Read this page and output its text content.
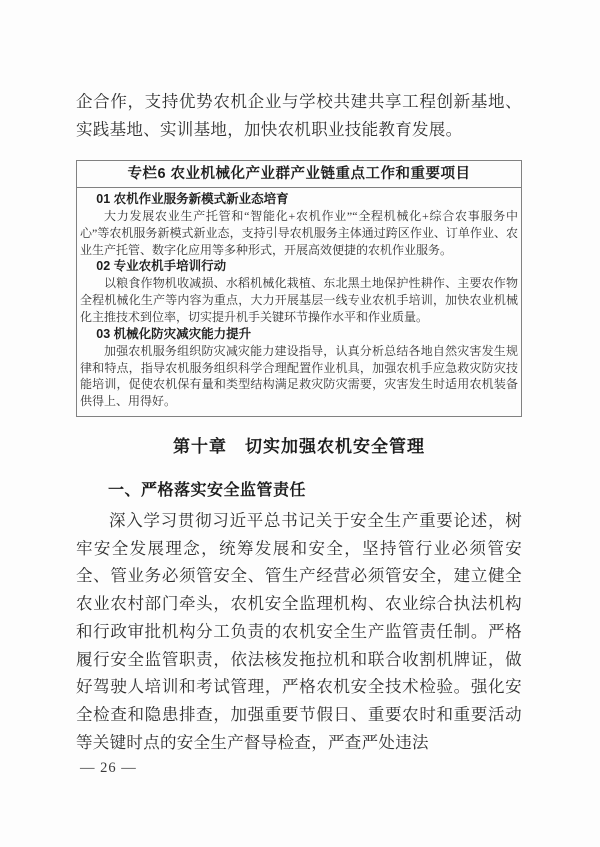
企合作，支持优势农机企业与学校共建共享工程创新基地、实践基地、实训基地，加快农机职业技能教育发展。

专栏6 农业机械化产业群产业链重点工作和重要项目
01 农机作业服务新模式新业态培育

大力发展农业生产托管和“智能化+农机作业”“全程机械化+综合农事服务中心”等农机服务新模式新业态，支持引导农机服务主体通过跨区作业、订单作业、农业生产托管、数字化应用等多种形式，开展高效便捷的农机作业服务。

02 专业农机手培训行动

以粮食作物机收减损、水稻机械化栽植、东北黑土地保护性耕作、主要农作物全程机械化生产等内容为重点，大力开展基层一线专业农机手培训，加快农业机械化主推技术到位率，切实提升机手关键环节操作水平和作业质量。

03 机械化防灾减灾能力提升

加强农机服务组织防灾减灾能力建设指导，认真分析总结各地自然灾害发生规律和特点，指导农机服务组织科学合理配置作业机具，加强农机手应急救灾防灾技能培训，促使农机保有量和类型结构满足救灾防灾需要，灾害发生时适用农机装备供得上、用得好。

第十章　切实加强农机安全管理
一、严格落实安全监管责任

深入学习贯彻习近平总书记关于安全生产重要论述，树牢安全发展理念，统筹发展和安全，坚持管行业必须管安全、管业务必须管安全、管生产经营必须管安全，建立健全农业农村部门牵头，农机安全监理机构、农业综合执法机构和行政审批机构分工负责的农机安全生产监管责任制。严格履行安全监管职责，依法核发拖拉机和联合收割机牌证，做好驾驶人培训和考试管理，严格农机安全技术检验。强化安全检查和隐患排查，加强重要节假日、重要农时和重要活动等关键时点的安全生产督导检查，严查严处违法

— 26 —
